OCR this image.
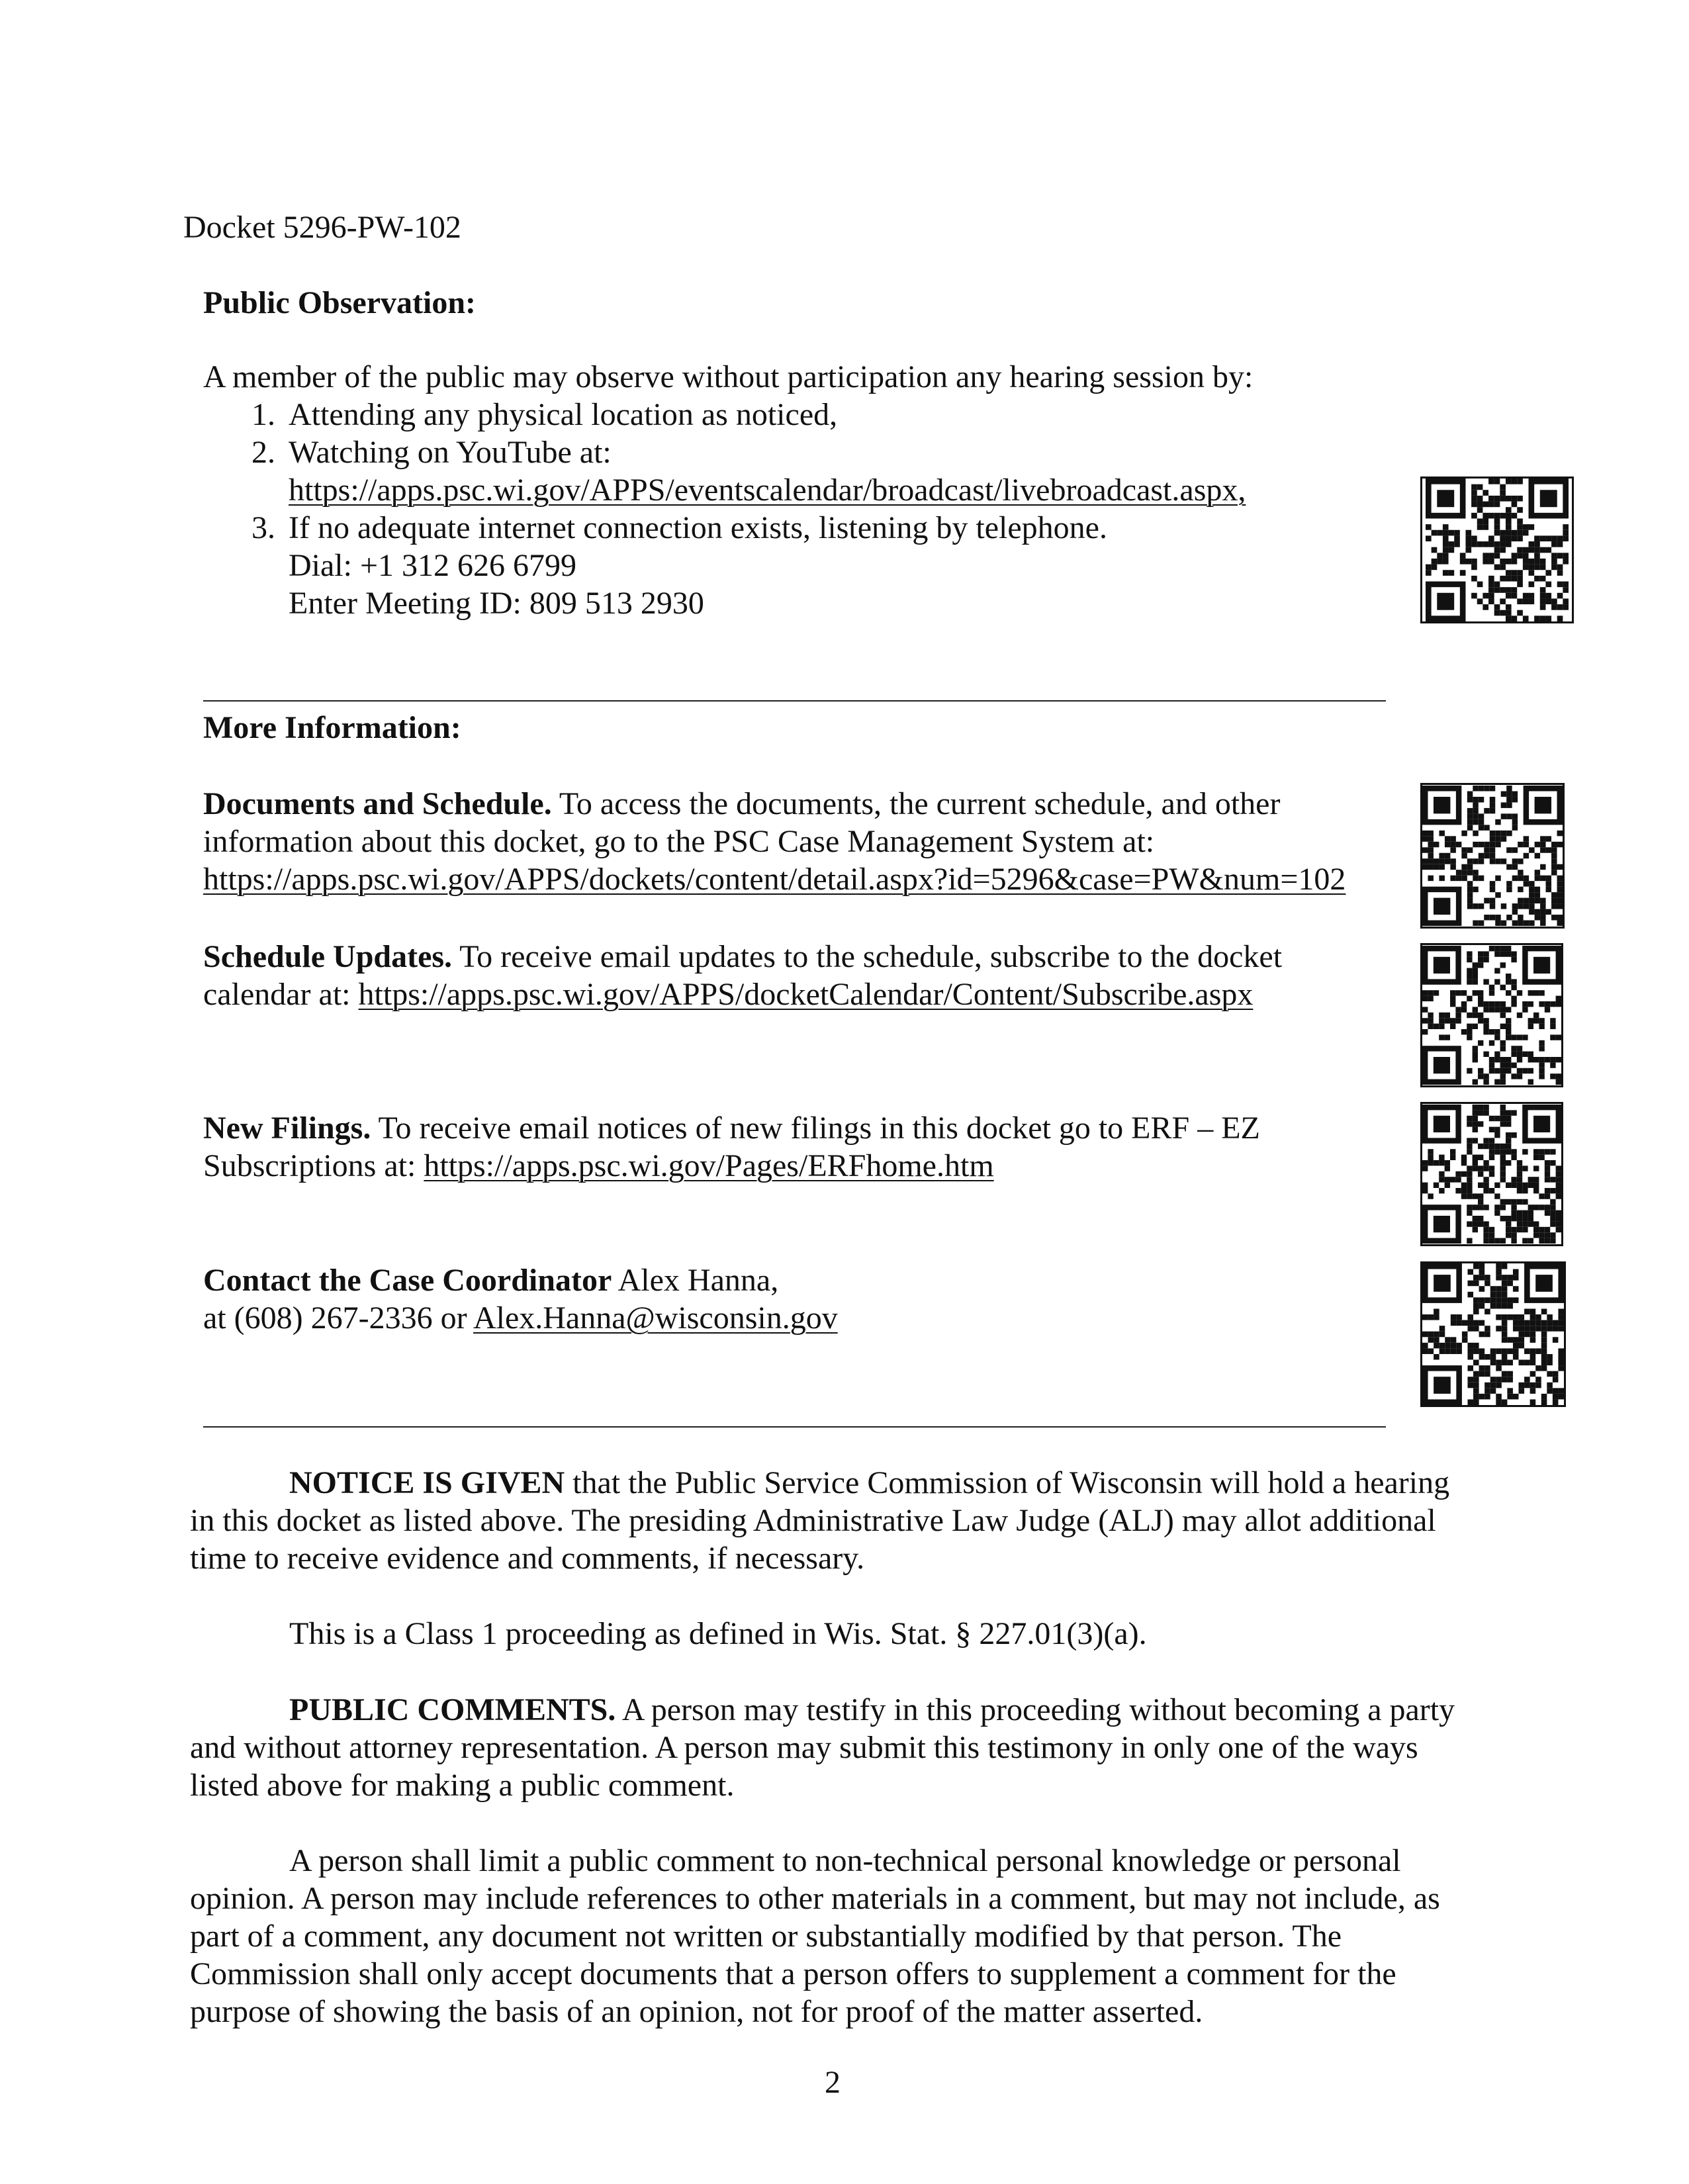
Docket 5296-PW-102
Public Observation:
A member of the public may observe without participation any hearing session by:
1. Attending any physical location as noticed,
2. Watching on YouTube at:
https://apps.psc.wi.gov/APPS/eventscalendar/broadcast/livebroadcast.aspx,
3. If no adequate internet connection exists, listening by telephone.
Dial: +1 312 626 6799
Enter Meeting ID: 809 513 2930
More Information:
Documents and Schedule. To access the documents, the current schedule, and other information about this docket, go to the PSC Case Management System at:
https://apps.psc.wi.gov/APPS/dockets/content/detail.aspx?id=5296&case=PW&num=102
Schedule Updates. To receive email updates to the schedule, subscribe to the docket calendar at: https://apps.psc.wi.gov/APPS/docketCalendar/Content/Subscribe.aspx
New Filings. To receive email notices of new filings in this docket go to ERF – EZ Subscriptions at: https://apps.psc.wi.gov/Pages/ERFhome.htm
Contact the Case Coordinator Alex Hanna,
at (608) 267-2336 or Alex.Hanna@wisconsin.gov
NOTICE IS GIVEN that the Public Service Commission of Wisconsin will hold a hearing in this docket as listed above. The presiding Administrative Law Judge (ALJ) may allot additional time to receive evidence and comments, if necessary.
This is a Class 1 proceeding as defined in Wis. Stat. § 227.01(3)(a).
PUBLIC COMMENTS. A person may testify in this proceeding without becoming a party and without attorney representation. A person may submit this testimony in only one of the ways listed above for making a public comment.
A person shall limit a public comment to non-technical personal knowledge or personal opinion. A person may include references to other materials in a comment, but may not include, as part of a comment, any document not written or substantially modified by that person. The Commission shall only accept documents that a person offers to supplement a comment for the purpose of showing the basis of an opinion, not for proof of the matter asserted.
2
